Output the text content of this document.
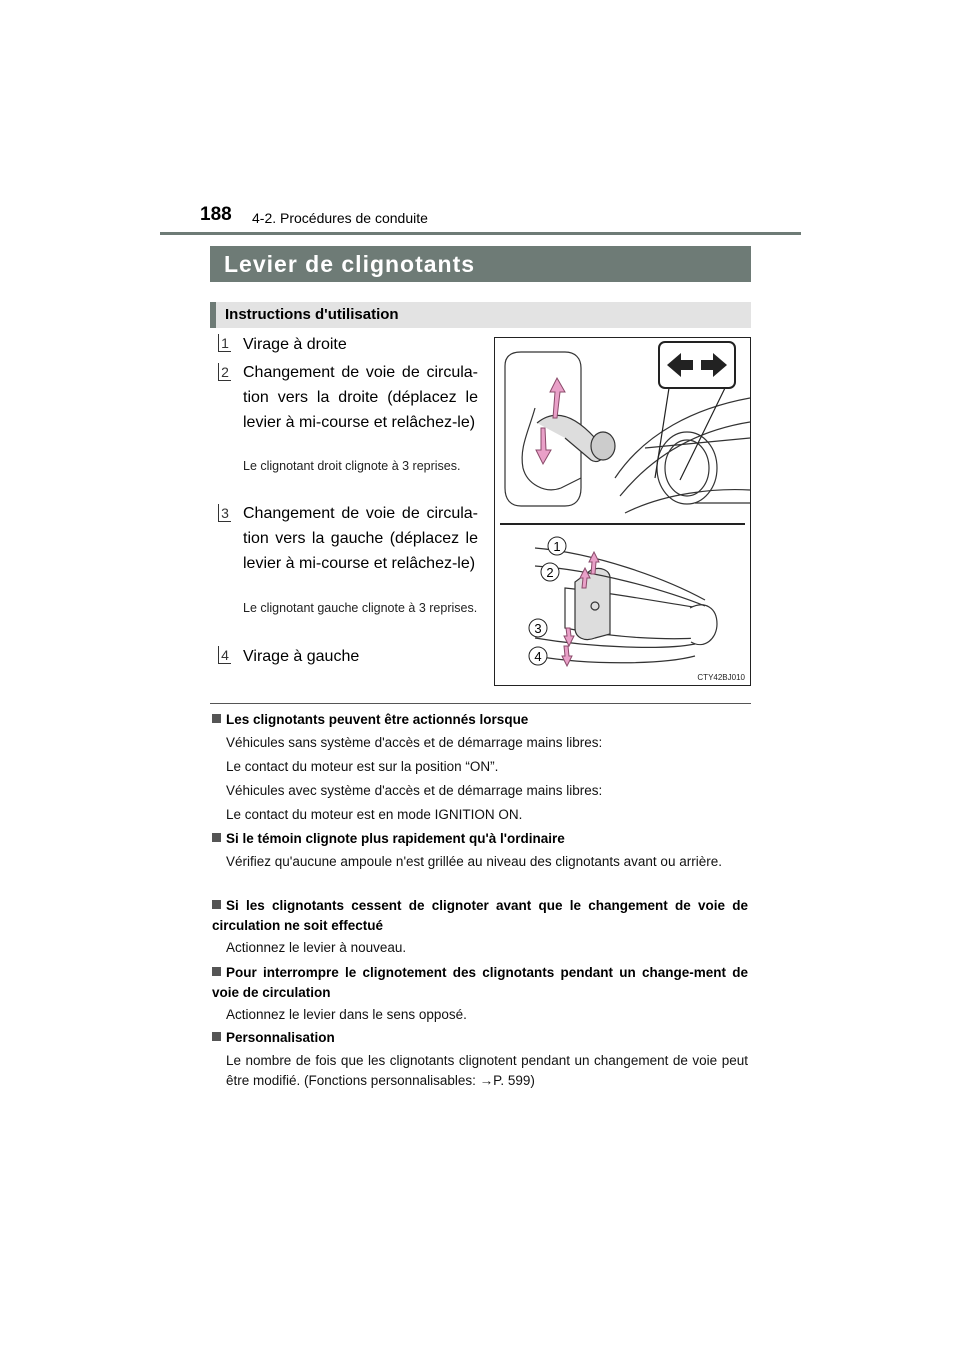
188 4-2. Procédures de conduite
Levier de clignotants
Instructions d'utilisation
1 Virage à droite
2 Changement de voie de circula-tion vers la droite (déplacez le levier à mi-course et relâchez-le)
Le clignotant droit clignote à 3 reprises.
3 Changement de voie de circula-tion vers la gauche (déplacez le levier à mi-course et relâchez-le)
Le clignotant gauche clignote à 3 reprises.
4 Virage à gauche
1
2
3
4
CTY42BJ010
Les clignotants peuvent être actionnés lorsque
Véhicules sans système d'accès et de démarrage mains libres:
Le contact du moteur est sur la position “ON”.
Véhicules avec système d'accès et de démarrage mains libres:
Le contact du moteur est en mode IGNITION ON.
Si le témoin clignote plus rapidement qu'à l'ordinaire
Vérifiez qu'aucune ampoule n'est grillée au niveau des clignotants avant ou arrière.
Si les clignotants cessent de clignoter avant que le changement de voie de circulation ne soit effectué
Actionnez le levier à nouveau.
Pour interrompre le clignotement des clignotants pendant un change-ment de voie de circulation
Actionnez le levier dans le sens opposé.
Personnalisation
Le nombre de fois que les clignotants clignotent pendant un changement de voie peut être modifié. (Fonctions personnalisables: →P. 599)
